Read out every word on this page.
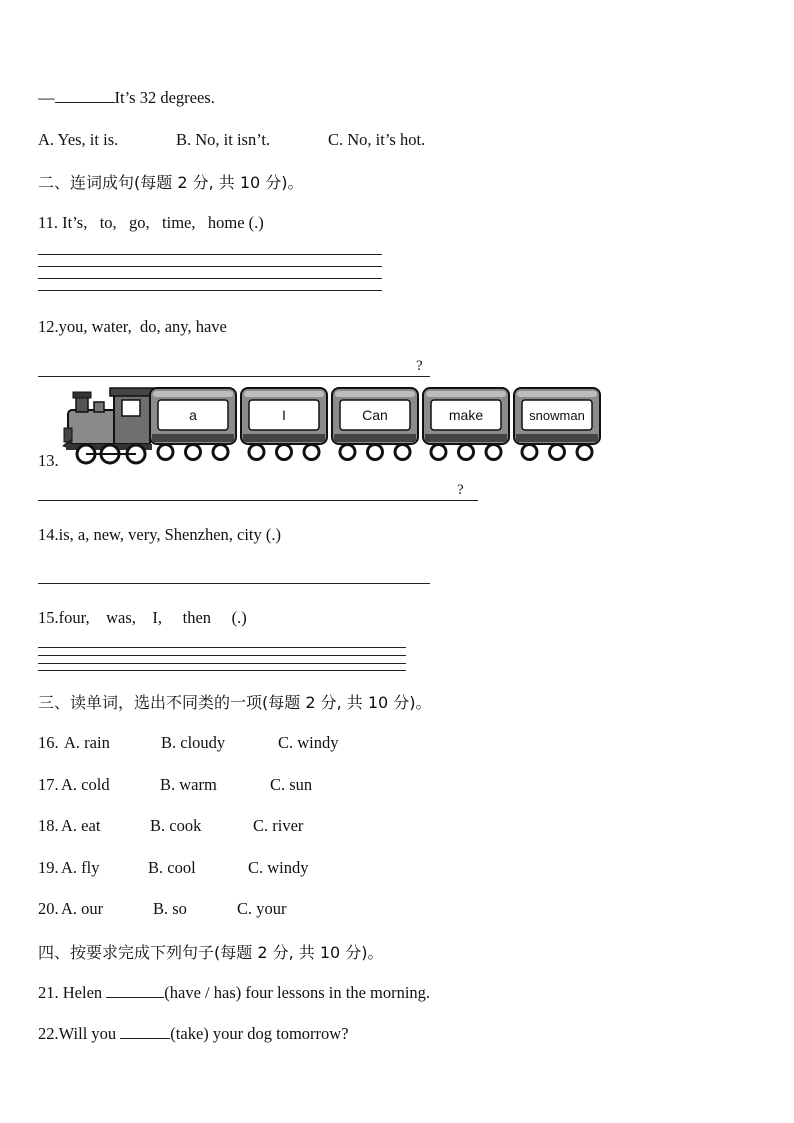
—	It’s 32 degrees.
A. Yes, it is.	B. No, it isn’t.	C. No, it’s hot.
二、连词成句(每题 2 分, 共 10 分)。
11. It’s,   to,   go,   time,   home (.)
12.you, water,  do, any, have
?
13.
a	I	Can	make	snowman
?
14.is, a, new, very, Shenzhen, city (.)
15.four,    was,    I,     then     (.)
三、读单词，选出不同类的一项(每题 2 分, 共 10 分)。
16. A. rain	B. cloudy	C. windy
17. A. cold	B. warm	C. sun
18. A. eat	B. cook	C. river
19. A. fly	B. cool	C. windy
20. A. our	B. so	C. your
四、按要求完成下列句子(每题 2 分, 共 10 分)。
21. Helen	(have / has) four lessons in the morning.
22.Will you	(take) your dog tomorrow?
